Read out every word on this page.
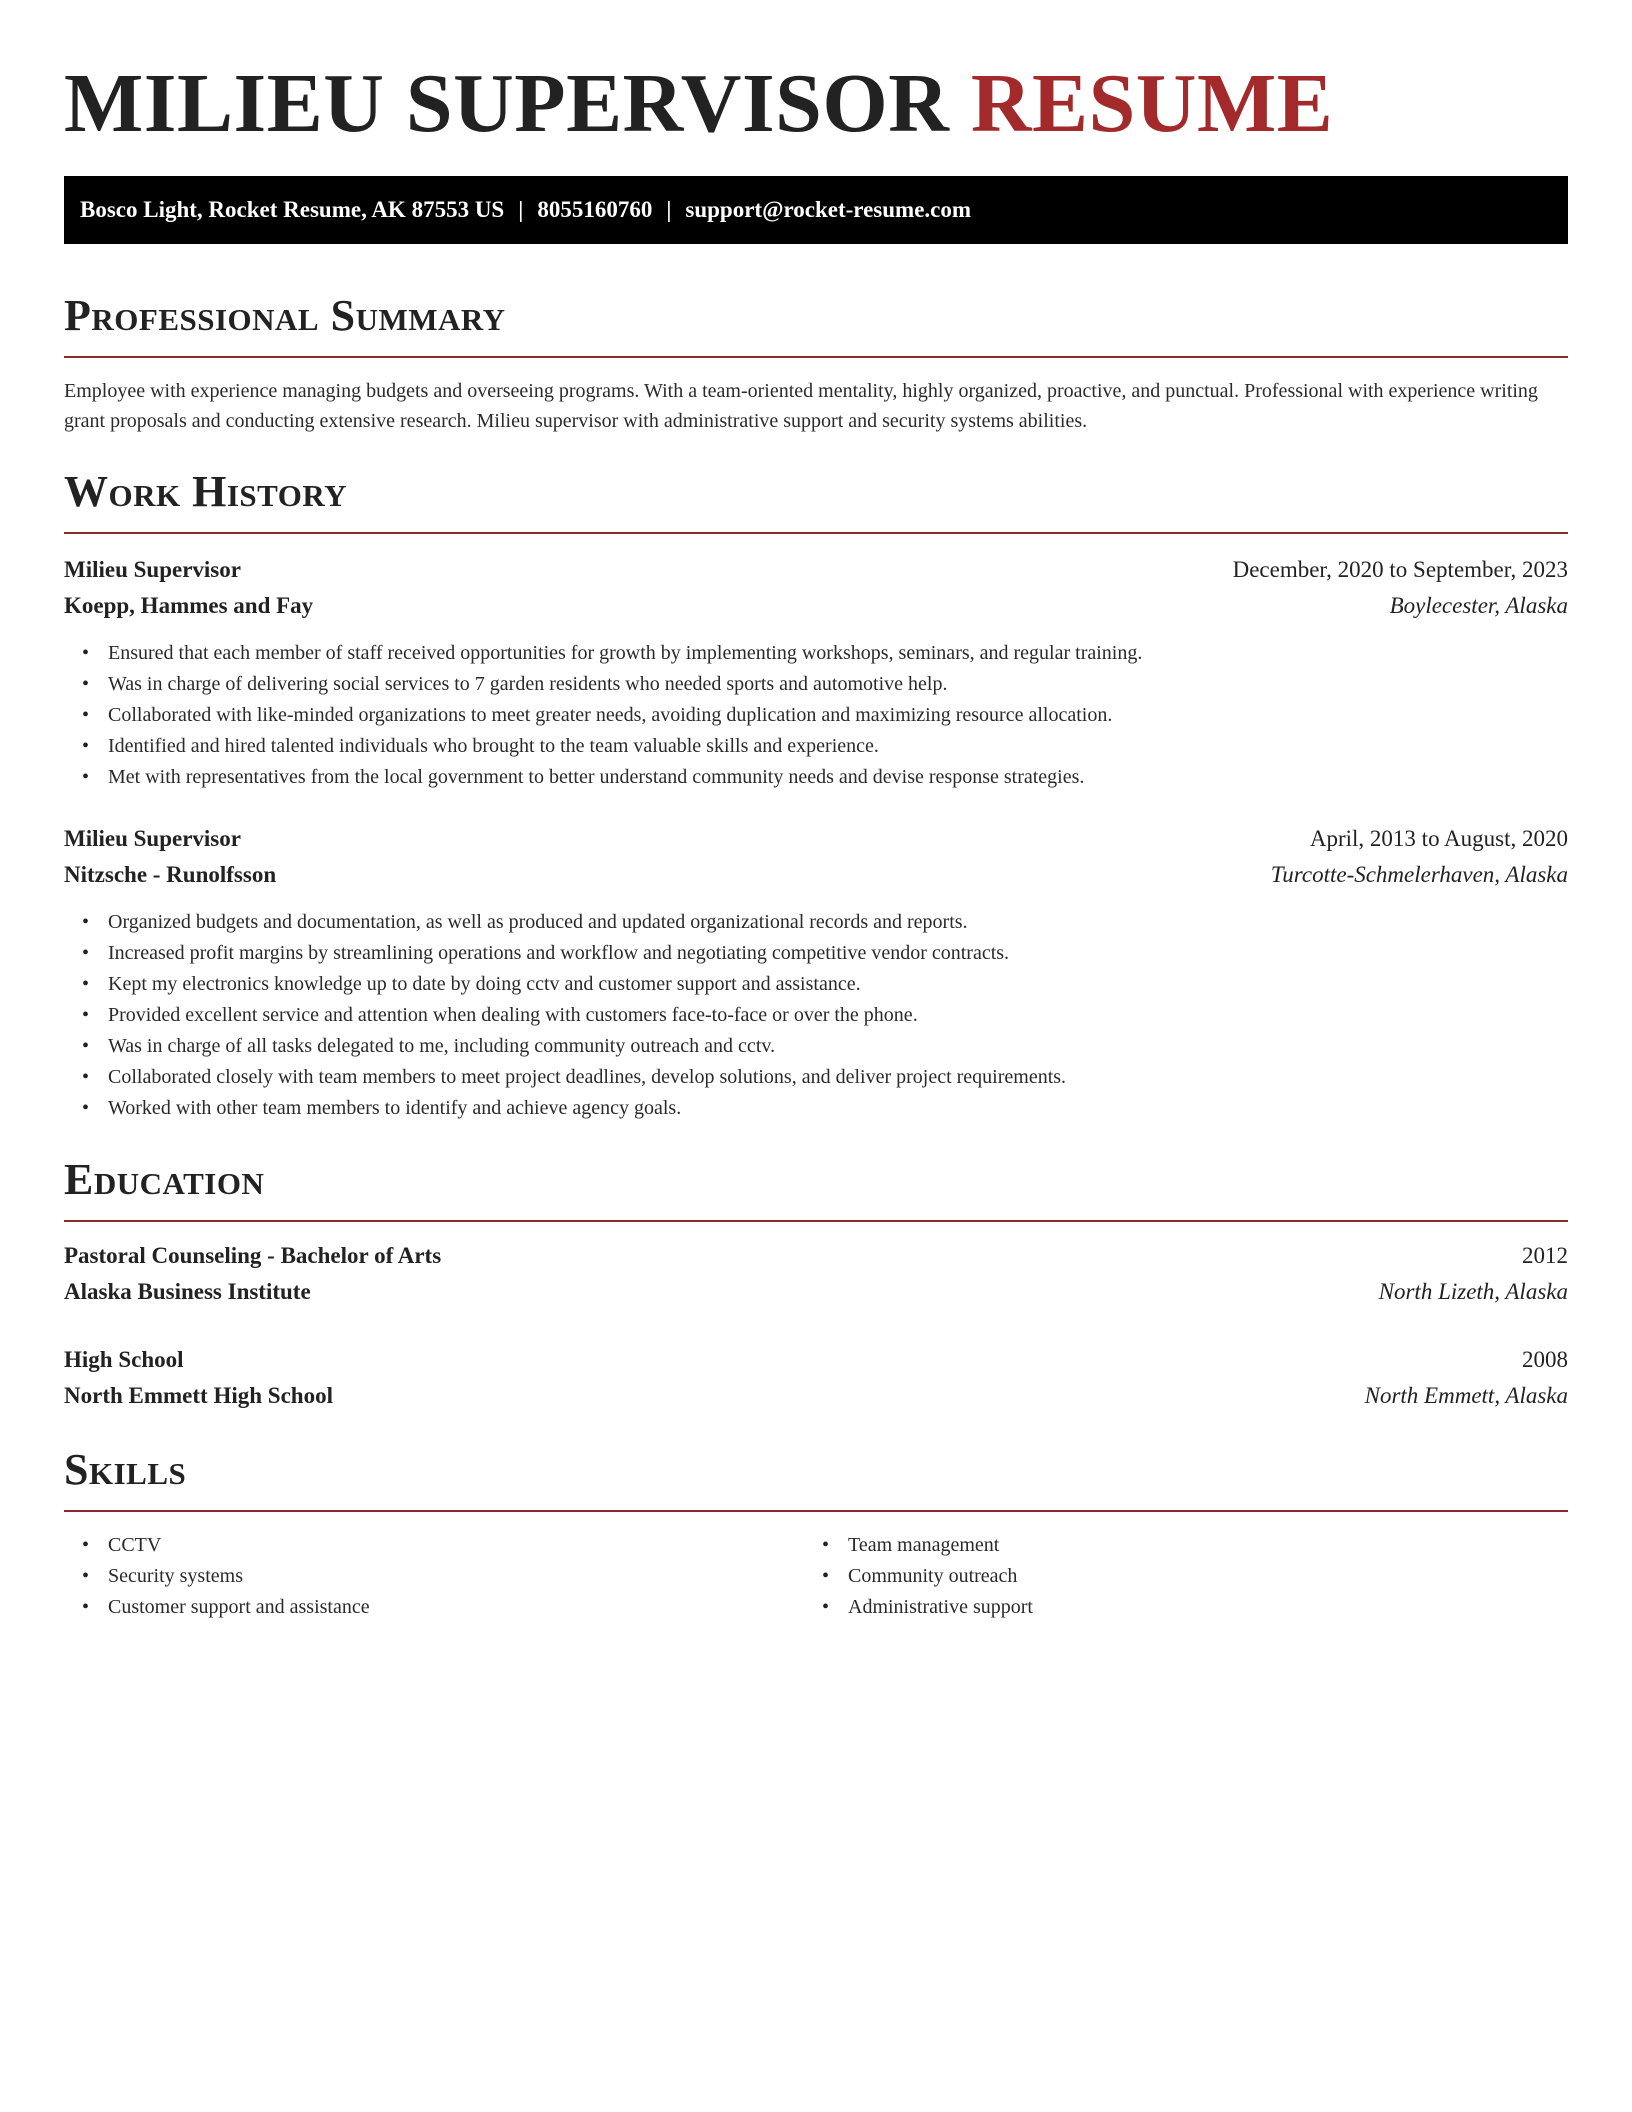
MILIEU SUPERVISOR RESUME
Bosco Light, Rocket Resume, AK 87553 US | 8055160760 | support@rocket-resume.com
Professional Summary

Employee with experience managing budgets and overseeing programs. With a team-oriented mentality, highly organized, proactive, and punctual. Professional with experience writing grant proposals and conducting extensive research. Milieu supervisor with administrative support and security systems abilities.

Work History
Milieu Supervisor	December, 2020 to September, 2023
Koepp, Hammes and Fay	Boylecester, Alaska
• Ensured that each member of staff received opportunities for growth by implementing workshops, seminars, and regular training.
• Was in charge of delivering social services to 7 garden residents who needed sports and automotive help.
• Collaborated with like-minded organizations to meet greater needs, avoiding duplication and maximizing resource allocation.
• Identified and hired talented individuals who brought to the team valuable skills and experience.
• Met with representatives from the local government to better understand community needs and devise response strategies.
Milieu Supervisor	April, 2013 to August, 2020
Nitzsche - Runolfsson	Turcotte-Schmelerhaven, Alaska
• Organized budgets and documentation, as well as produced and updated organizational records and reports.
• Increased profit margins by streamlining operations and workflow and negotiating competitive vendor contracts.
• Kept my electronics knowledge up to date by doing cctv and customer support and assistance.
• Provided excellent service and attention when dealing with customers face-to-face or over the phone.
• Was in charge of all tasks delegated to me, including community outreach and cctv.
• Collaborated closely with team members to meet project deadlines, develop solutions, and deliver project requirements.
• Worked with other team members to identify and achieve agency goals.
Education
Pastoral Counseling - Bachelor of Arts	2012
Alaska Business Institute	North Lizeth, Alaska
High School	2008
North Emmett High School	North Emmett, Alaska
Skills
• CCTV
• Security systems
• Customer support and assistance
• Team management
• Community outreach
• Administrative support
